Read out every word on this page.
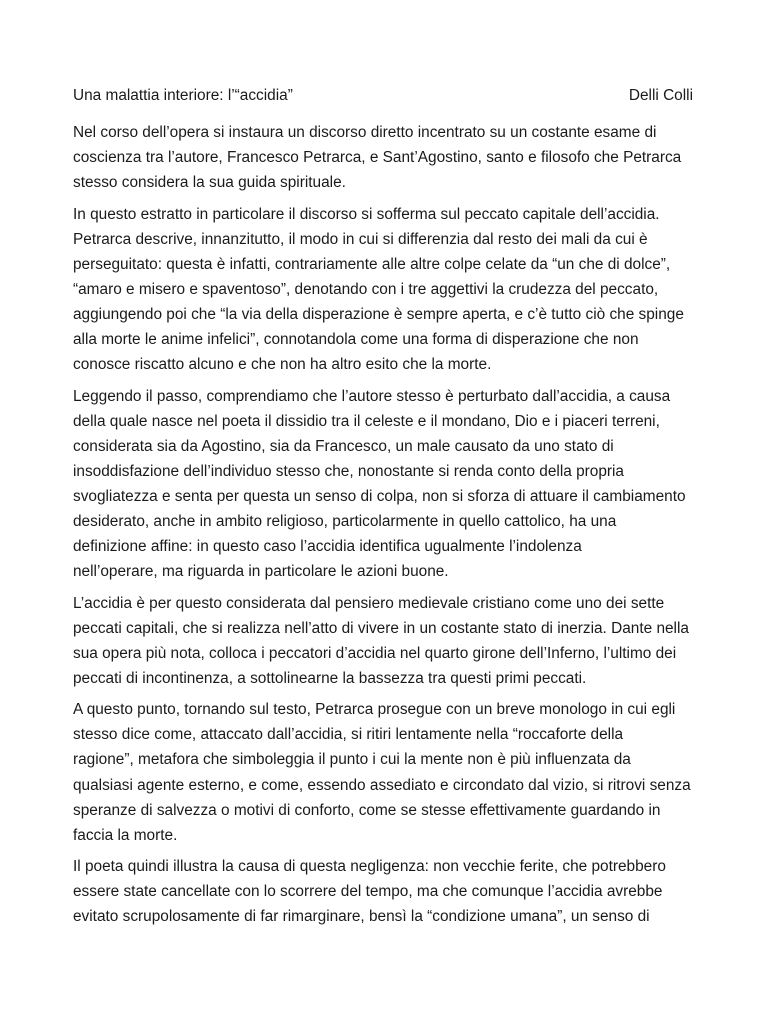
Una malattia interiore: l’“accidia”	Delli Colli

Nel corso dell’opera si instaura un discorso diretto incentrato su un costante esame di
coscienza tra l’autore, Francesco Petrarca, e Sant’Agostino, santo e filosofo che Petrarca
stesso considera la sua guida spirituale.

In questo estratto in particolare il discorso si sofferma sul peccato capitale dell’accidia.
Petrarca descrive, innanzitutto, il modo in cui si differenzia dal resto dei mali da cui è
perseguitato: questa è infatti, contrariamente alle altre colpe celate da “un che di dolce”,
“amaro e misero e spaventoso”, denotando con i tre aggettivi la crudezza del peccato,
aggiungendo poi che “la via della disperazione è sempre aperta, e c’è tutto ciò che spinge
alla morte le anime infelici”, connotandola come una forma di disperazione che non
conosce riscatto alcuno e che non ha altro esito che la morte.

Leggendo il passo, comprendiamo che l’autore stesso è perturbato dall’accidia, a causa
della quale nasce nel poeta il dissidio tra il celeste e il mondano, Dio e i piaceri terreni,
considerata sia da Agostino, sia da Francesco, un male causato da uno stato di
insoddisfazione dell’individuo stesso che, nonostante si renda conto della propria
svogliatezza e senta per questa un senso di colpa, non si sforza di attuare il cambiamento
desiderato, anche in ambito religioso, particolarmente in quello cattolico, ha una
definizione affine: in questo caso l’accidia identifica ugualmente l’indolenza
nell’operare, ma riguarda in particolare le azioni buone.

L’accidia è per questo considerata dal pensiero medievale cristiano come uno dei sette
peccati capitali, che si realizza nell’atto di vivere in un costante stato di inerzia. Dante nella
sua opera più nota, colloca i peccatori d’accidia nel quarto girone dell’Inferno, l’ultimo dei
peccati di incontinenza, a sottolinearne la bassezza tra questi primi peccati.

A questo punto, tornando sul testo, Petrarca prosegue con un breve monologo in cui egli
stesso dice come, attaccato dall’accidia, si ritiri lentamente nella “roccaforte della
ragione”, metafora che simboleggia il punto i cui la mente non è più influenzata da
qualsiasi agente esterno, e come, essendo assediato e circondato dal vizio, si ritrovi senza
speranze di salvezza o motivi di conforto, come se stesse effettivamente guardando in
faccia la morte.

Il poeta quindi illustra la causa di questa negligenza: non vecchie ferite, che potrebbero
essere state cancellate con lo scorrere del tempo, ma che comunque l’accidia avrebbe
evitato scrupolosamente di far rimarginare, bensì la “condizione umana”, un senso di
